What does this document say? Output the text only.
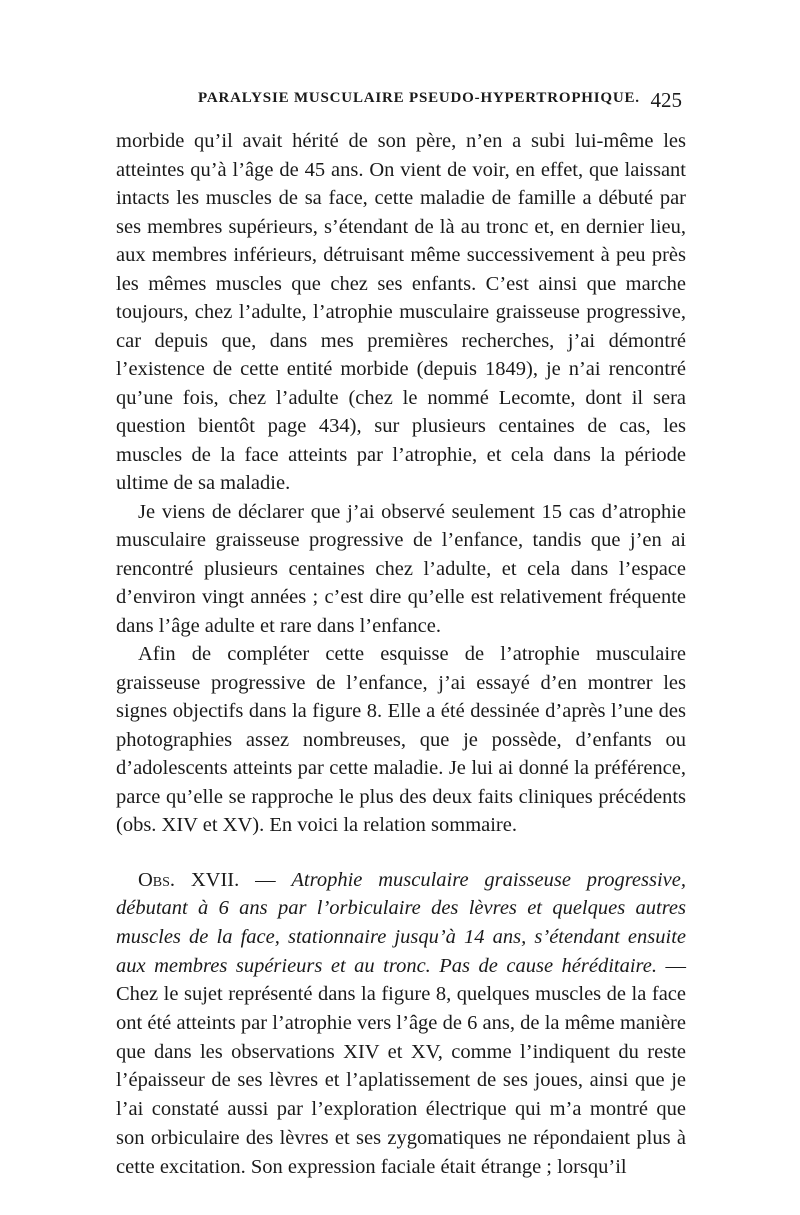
PARALYSIE MUSCULAIRE PSEUDO-HYPERTROPHIQUE. 425

morbide qu’il avait hérité de son père, n’en a subi lui-même les atteintes qu’à l’âge de 45 ans. On vient de voir, en effet, que laissant intacts les muscles de sa face, cette maladie de famille a débuté par ses membres supérieurs, s’étendant de là au tronc et, en dernier lieu, aux membres inférieurs, détruisant même successivement à peu près les mêmes muscles que chez ses enfants. C’est ainsi que marche toujours, chez l’adulte, l’atrophie musculaire graisseuse progressive, car depuis que, dans mes premières recherches, j’ai démontré l’existence de cette entité morbide (depuis 1849), je n’ai rencontré qu’une fois, chez l’adulte (chez le nommé Lecomte, dont il sera question bientôt page 434), sur plusieurs centaines de cas, les muscles de la face atteints par l’atrophie, et cela dans la période ultime de sa maladie.

Je viens de déclarer que j’ai observé seulement 15 cas d’atrophie musculaire graisseuse progressive de l’enfance, tandis que j’en ai rencontré plusieurs centaines chez l’adulte, et cela dans l’espace d’environ vingt années ; c’est dire qu’elle est relativement fréquente dans l’âge adulte et rare dans l’enfance.

Afin de compléter cette esquisse de l’atrophie musculaire graisseuse progressive de l’enfance, j’ai essayé d’en montrer les signes objectifs dans la figure 8. Elle a été dessinée d’après l’une des photographies assez nombreuses, que je possède, d’enfants ou d’adolescents atteints par cette maladie. Je lui ai donné la préférence, parce qu’elle se rapproche le plus des deux faits cliniques précédents (obs. XIV et XV). En voici la relation sommaire.

Obs. XVII. — Atrophie musculaire graisseuse progressive, débutant à 6 ans par l’orbiculaire des lèvres et quelques autres muscles de la face, stationnaire jusqu’à 14 ans, s’étendant ensuite aux membres supérieurs et au tronc. Pas de cause héréditaire. — Chez le sujet représenté dans la figure 8, quelques muscles de la face ont été atteints par l’atrophie vers l’âge de 6 ans, de la même manière que dans les observations XIV et XV, comme l’indiquent du reste l’épaisseur de ses lèvres et l’aplatissement de ses joues, ainsi que je l’ai constaté aussi par l’exploration électrique qui m’a montré que son orbiculaire des lèvres et ses zygomatiques ne répondaient plus à cette excitation. Son expression faciale était étrange ; lorsqu’il
